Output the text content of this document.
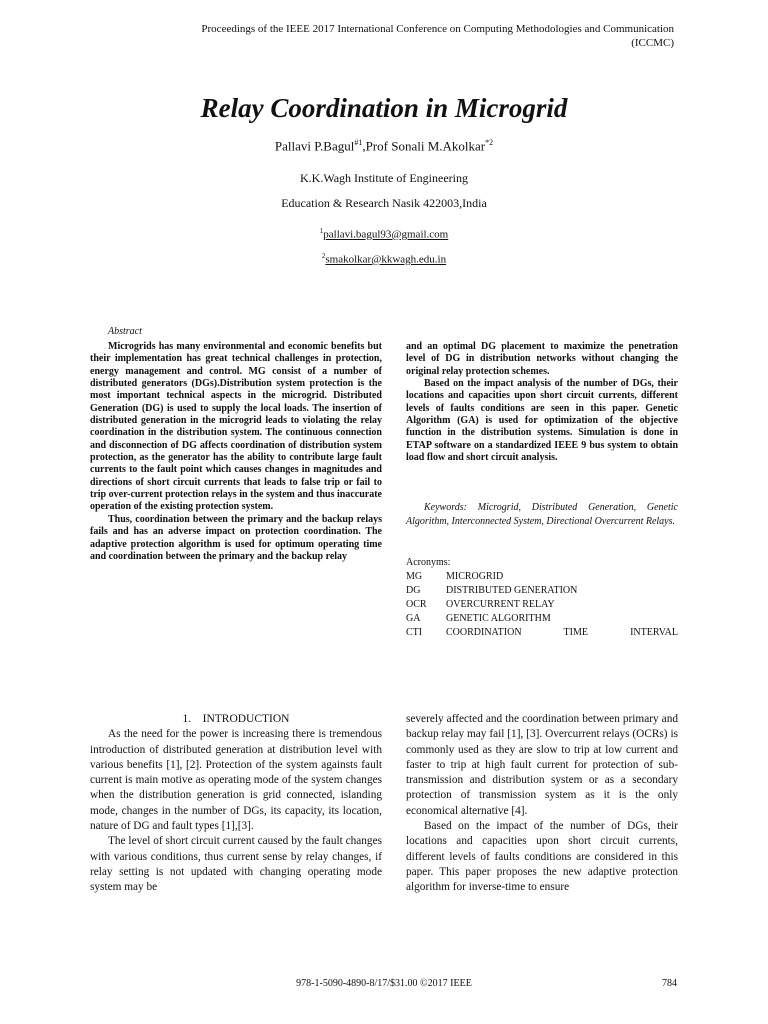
Proceedings of the IEEE 2017 International Conference on Computing Methodologies and Communication
(ICCMC)
Relay Coordination in Microgrid
Pallavi P.Bagul$^{\#1}$,Prof Sonali M.Akolkar$^{*2}$
K.K.Wagh Institute of Engineering
Education & Research Nasik 422003,India
$^1$pallavi.bagul93@gmail.com
$^2$smakolkar@kkwagh.edu.in
Abstract

Microgrids has many environmental and economic benefits but their implementation has great technical challenges in protection, energy management and control. MG consist of a number of distributed generators (DGs).Distribution system protection is the most important technical aspects in the microgrid. Distributed Generation (DG) is used to supply the local loads. The insertion of distributed generation in the microgrid leads to violating the relay coordination in the distribution system. The continuous connection and disconnection of DG affects coordination of distribution system protection, as the generator has the ability to contribute large fault currents to the fault point which causes changes in magnitudes and directions of short circuit currents that leads to false trip or fail to trip over-current protection relays in the system and thus inaccurate operation of the existing protection system.

Thus, coordination between the primary and the backup relays fails and has an adverse impact on protection coordination. The adaptive protection algorithm is used for optimum operating time and coordination between the primary and the backup relay

and an optimal DG placement to maximize the penetration level of DG in distribution networks without changing the original relay protection schemes.

Based on the impact analysis of the number of DGs, their locations and capacities upon short circuit currents, different levels of faults conditions are seen in this paper. Genetic Algorithm (GA) is used for optimization of the objective function in the distribution systems. Simulation is done in ETAP software on a standardized IEEE 9 bus system to obtain load flow and short circuit analysis.

Keywords: Microgrid, Distributed Generation, Genetic Algorithm, Interconnected System, Directional Overcurrent Relays.

Acronyms:
MG	MICROGRID
DG	DISTRIBUTED GENERATION
OCR	OVERCURRENT RELAY
GA	GENETIC ALGORITHM
CTI	COORDINATION TIME INTERVAL
1.    INTRODUCTION

As the need for the power is increasing there is tremendous introduction of distributed generation at distribution level with various benefits [1], [2]. Protection of the system againsts fault current is main motive as operating mode of the system changes when the distribution generation is grid connected, islanding mode, changes in the number of DGs, its capacity, its location, nature of DG and fault types [1],[3].

The level of short circuit current caused by the fault changes with various conditions, thus current sense by relay changes, if relay setting is not updated with changing operating mode system may be

severely affected and the coordination between primary and backup relay may fail [1], [3]. Overcurrent relays (OCRs) is commonly used as they are slow to trip at low current and faster to trip at high fault current for protection of sub-transmission and distribution system or as a secondary protection of transmission system as it is the only economical alternative [4].

Based on the impact of the number of DGs, their locations and capacities upon short circuit currents, different levels of faults conditions are considered in this paper. This paper proposes the new adaptive protection algorithm for inverse-time to ensure

978-1-5090-4890-8/17/$31.00 ©2017 IEEE	784
